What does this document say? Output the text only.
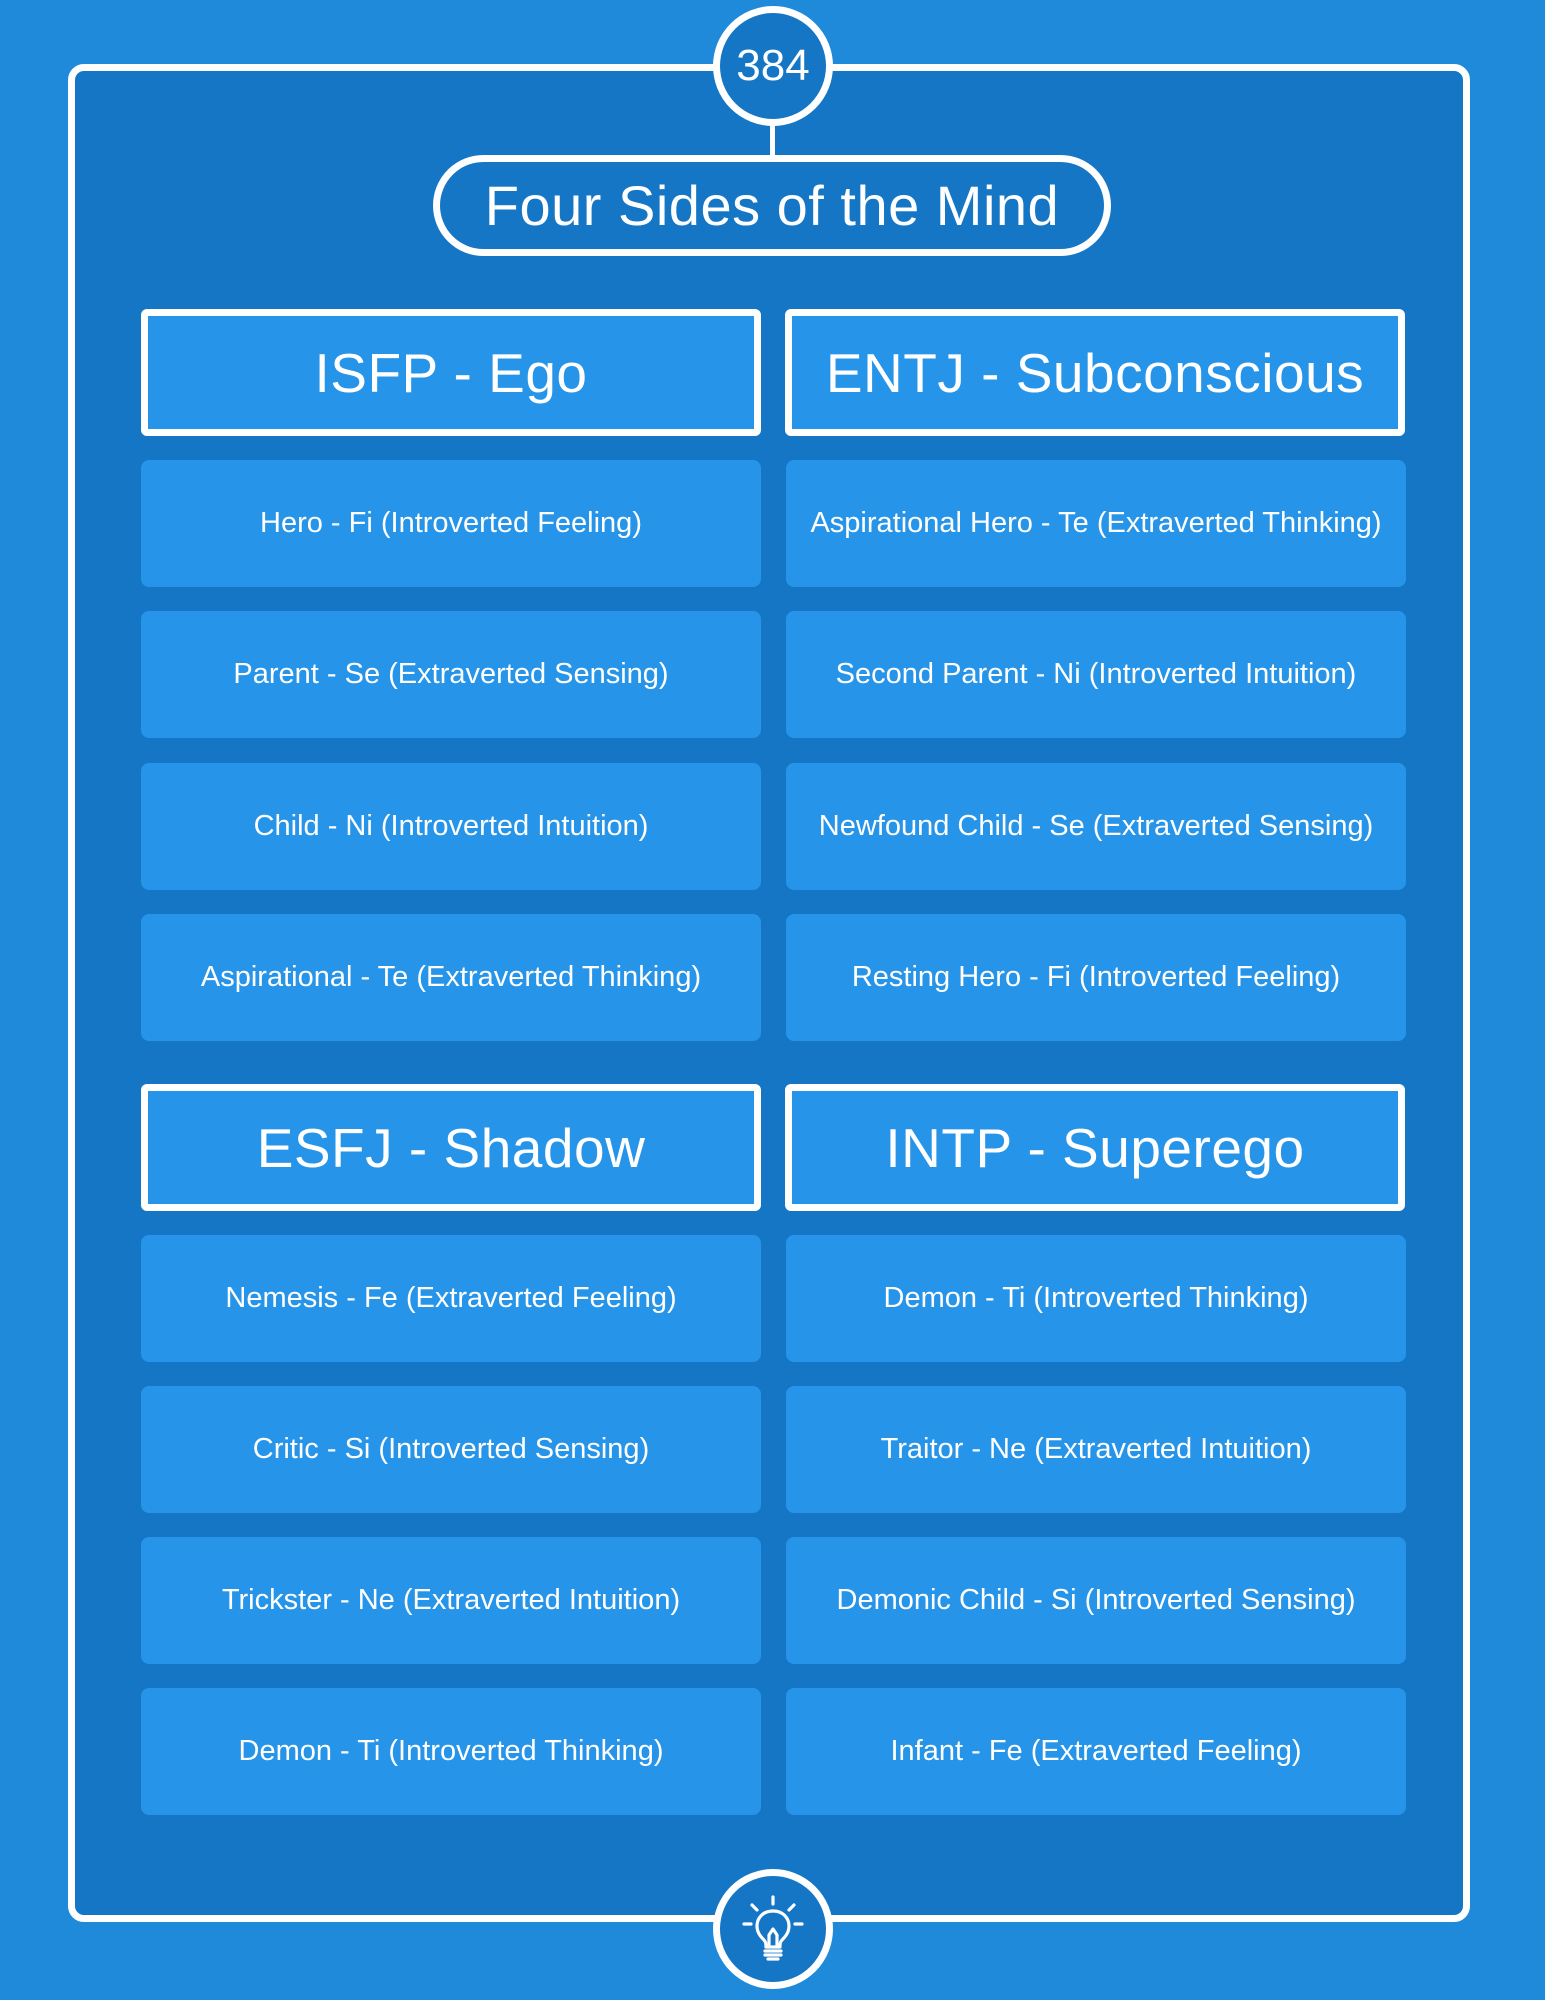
384
Four Sides of the Mind
ISFP - Ego
Hero - Fi (Introverted Feeling)
Parent - Se (Extraverted Sensing)
Child - Ni (Introverted Intuition)
Aspirational - Te (Extraverted Thinking)
ENTJ - Subconscious
Aspirational Hero - Te (Extraverted Thinking)
Second Parent - Ni (Introverted Intuition)
Newfound Child - Se (Extraverted Sensing)
Resting Hero - Fi (Introverted Feeling)
ESFJ - Shadow
Nemesis - Fe (Extraverted Feeling)
Critic - Si (Introverted Sensing)
Trickster - Ne (Extraverted Intuition)
Demon - Ti (Introverted Thinking)
INTP - Superego
Demon - Ti (Introverted Thinking)
Traitor - Ne (Extraverted Intuition)
Demonic Child - Si (Introverted Sensing)
Infant - Fe (Extraverted Feeling)
